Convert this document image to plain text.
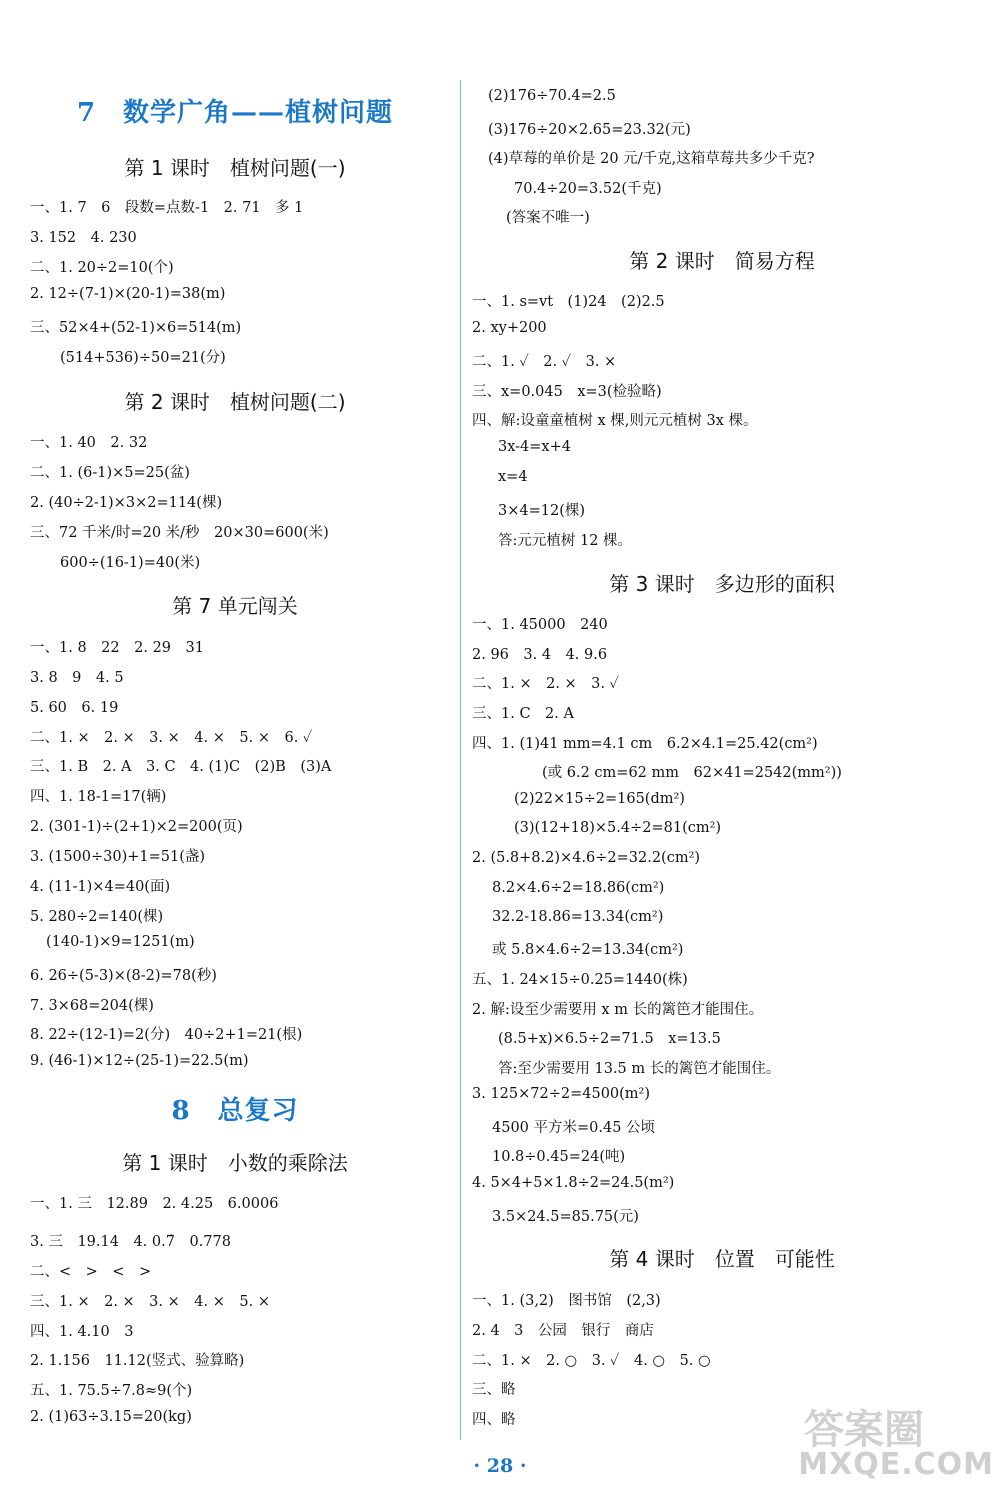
7　数学广角——植树问题
第 1 课时　植树问题(一)
一、1. 7　6　段数=点数-1　2. 71　多 1
3. 152　4. 230
二、1. 20÷2=10(个)
2. 12÷(7-1)×(20-1)=38(m)
三、52×4+(52-1)×6=514(m)
(514+536)÷50=21(分)
第 2 课时　植树问题(二)
一、1. 40　2. 32
二、1. (6-1)×5=25(盆)
2. (40÷2-1)×3×2=114(棵)
三、72 千米/时=20 米/秒　20×30=600(米)
600÷(16-1)=40(米)
第 7 单元闯关
一、1. 8　22　2. 29　31
3. 8　9　4. 5
5. 60　6. 19
二、1. ×　2. ×　3. ×　4. ×　5. ×　6. ✓
三、1. B　2. A　3. C　4. (1)C　(2)B　(3)A
四、1. 18-1=17(辆)
2. (301-1)÷(2+1)×2=200(页)
3. (1500÷30)+1=51(盏)
4. (11-1)×4=40(面)
5. 280÷2=140(棵)
(140-1)×9=1251(m)
6. 26÷(5-3)×(8-2)=78(秒)
7. 3×68=204(棵)
8. 22÷(12-1)=2(分)　40÷2+1=21(根)
9. (46-1)×12÷(25-1)=22.5(m)
8　总复习
第 1 课时　小数的乘除法
一、1. 三　12.89　2. 4.25　6.0006
3. 三　19.14　4. 0.7̇　0.778
二、<　>　<　>
三、1. ×　2. ×　3. ×　4. ×　5. ×
四、1. 4.10　3
2. 1.156　11.12(竖式、验算略)
五、1. 75.5÷7.8≈9(个)
2. (1)63÷3.15=20(kg)
(2)176÷70.4=2.5
(3)176÷20×2.65=23.32(元)
(4)草莓的单价是 20 元/千克,这箱草莓共多少千克?
70.4÷20=3.52(千克)
(答案不唯一)
第 2 课时　简易方程
一、1. s=vt　(1)24　(2)2.5
2. xy+200
二、1. ✓　2. ✓　3. ×
三、x=0.045　x=3(检验略)
四、解:设童童植树 x 棵,则元元植树 3x 棵。
3x-4=x+4
x=4
3×4=12(棵)
答:元元植树 12 棵。
第 3 课时　多边形的面积
一、1. 45000　240
2. 96　3. 4　4. 9.6
二、1. ×　2. ×　3. ✓
三、1. C　2. A
四、1. (1)41 mm=4.1 cm　6.2×4.1=25.42(cm²)
(或 6.2 cm=62 mm　62×41=2542(mm²))
(2)22×15÷2=165(dm²)
(3)(12+18)×5.4÷2=81(cm²)
2. (5.8+8.2)×4.6÷2=32.2(cm²)
8.2×4.6÷2=18.86(cm²)
32.2-18.86=13.34(cm²)
或 5.8×4.6÷2=13.34(cm²)
五、1. 24×15÷0.25=1440(株)
2. 解:设至少需要用 x m 长的篱笆才能围住。
(8.5+x)×6.5÷2=71.5　x=13.5
答:至少需要用 13.5 m 长的篱笆才能围住。
3. 125×72÷2=4500(m²)
4500 平方米=0.45 公顷
10.8÷0.45=24(吨)
4. 5×4+5×1.8÷2=24.5(m²)
3.5×24.5=85.75(元)
第 4 课时　位置　可能性
一、1. (3,2)　图书馆　(2,3)
2. 4　3　公园　银行　商店
二、1. ×　2. ○　3. ✓　4. ○　5. ○
三、略
四、略
· 28 ·
答案圈
MXQE.COM
